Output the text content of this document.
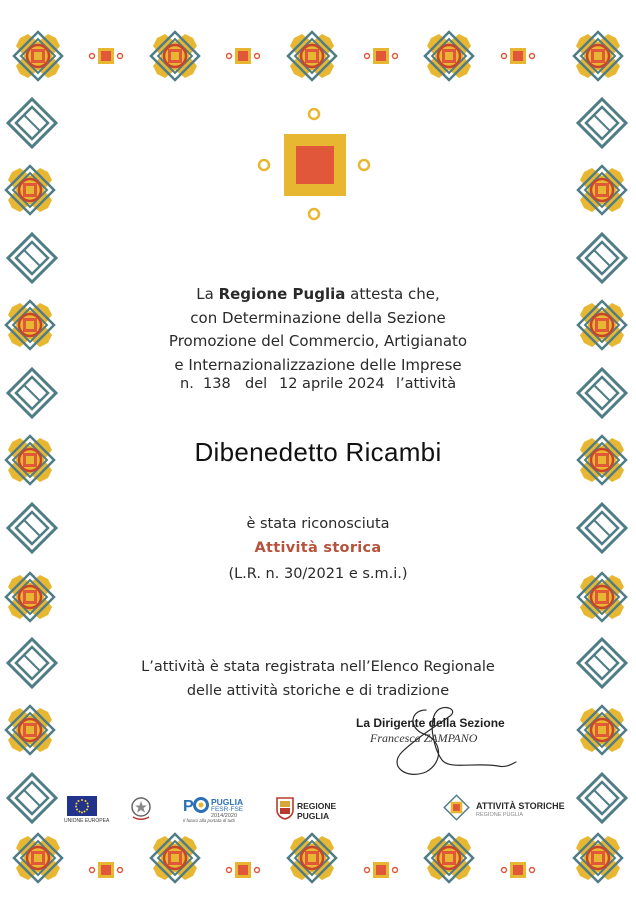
La Regione Puglia attesta che,
con Determinazione della Sezione
Promozione del Commercio, Artigianato
e Internazionalizzazione delle Imprese
n. 138 del 12 aprile 2024 l’attività
Dibenedetto Ricambi
è stata riconosciuta
Attività storica
(L.R. n. 30/2021 e s.m.i.)
L’attività è stata registrata nell’Elenco Regionale
delle attività storiche e di tradizione
La Dirigente della Sezione
Francesca ZAMPANO
UNIONE EUROPEA
P PUGLIA
FESR·FSE
2014/2020
Il futuro alla portata di tutti
REGIONE
PUGLIA
ATTIVITÀ STORICHE
REGIONE PUGLIA
